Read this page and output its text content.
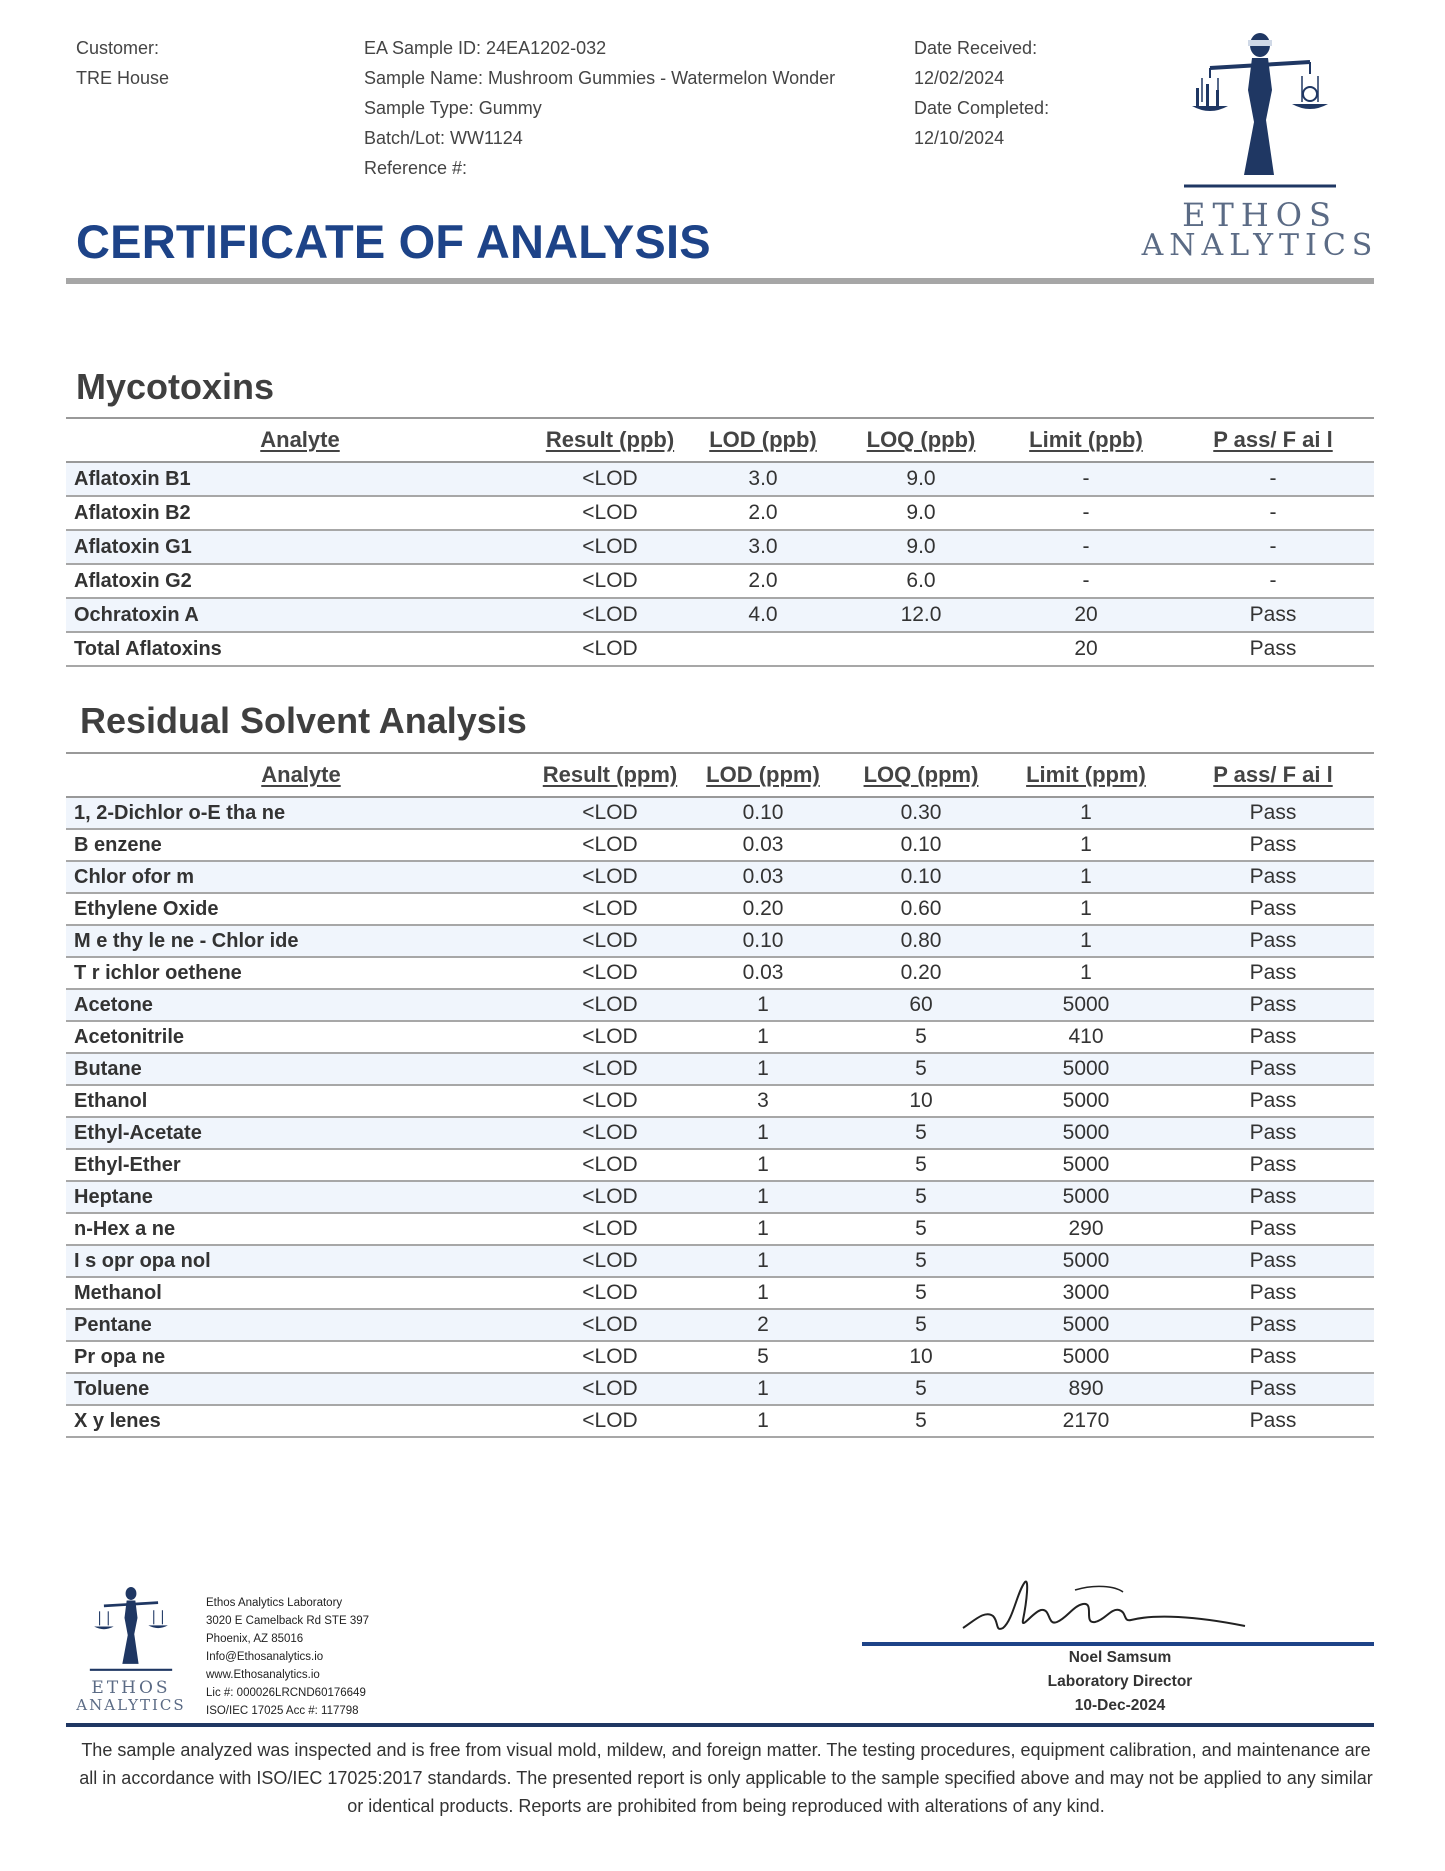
Customer:
TRE House
EA Sample ID: 24EA1202-032
Sample Name: Mushroom Gummies - Watermelon Wonder
Sample Type: Gummy
Batch/Lot: WW1124
Reference #:
Date Received:
12/02/2024
Date Completed:
12/10/2024
ETHOS
ANALYTICS
CERTIFICATE OF ANALYSIS
Mycotoxins
Analyte	Result (ppb)	LOD (ppb)	LOQ (ppb)	Limit (ppb)	P ass/ F ai l
Aflatoxin B1	<LOD	3.0	9.0	-	-
Aflatoxin B2	<LOD	2.0	9.0	-	-
Aflatoxin G1	<LOD	3.0	9.0	-	-
Aflatoxin G2	<LOD	2.0	6.0	-	-
Ochratoxin A	<LOD	4.0	12.0	20	Pass
Total Aflatoxins	<LOD			20	Pass
Residual Solvent Analysis
Analyte	Result (ppm)	LOD (ppm)	LOQ (ppm)	Limit (ppm)	P ass/ F ai l
1, 2-Dichlor o-E tha ne	<LOD	0.10	0.30	1	Pass
B enzene	<LOD	0.03	0.10	1	Pass
Chlor ofor m	<LOD	0.03	0.10	1	Pass
Ethylene Oxide	<LOD	0.20	0.60	1	Pass
M e thy le ne - Chlor ide	<LOD	0.10	0.80	1	Pass
T r ichlor oethene	<LOD	0.03	0.20	1	Pass
Acetone	<LOD	1	60	5000	Pass
Acetonitrile	<LOD	1	5	410	Pass
Butane	<LOD	1	5	5000	Pass
Ethanol	<LOD	3	10	5000	Pass
Ethyl-Acetate	<LOD	1	5	5000	Pass
Ethyl-Ether	<LOD	1	5	5000	Pass
Heptane	<LOD	1	5	5000	Pass
n-Hex a ne	<LOD	1	5	290	Pass
I s opr opa nol	<LOD	1	5	5000	Pass
Methanol	<LOD	1	5	3000	Pass
Pentane	<LOD	2	5	5000	Pass
Pr opa ne	<LOD	5	10	5000	Pass
Toluene	<LOD	1	5	890	Pass
X y lenes	<LOD	1	5	2170	Pass
ETHOS
ANALYTICS
Ethos Analytics Laboratory
3020 E Camelback Rd STE 397
Phoenix, AZ 85016
Info@Ethosanalytics.io
www.Ethosanalytics.io
Lic #: 000026LRCND60176649
ISO/IEC 17025 Acc #: 117798
Noel Samsum
Laboratory Director
10-Dec-2024
The sample analyzed was inspected and is free from visual mold, mildew, and foreign matter. The testing procedures, equipment calibration, and maintenance are all in accordance with ISO/IEC 17025:2017 standards. The presented report is only applicable to the sample specified above and may not be applied to any similar or identical products. Reports are prohibited from being reproduced with alterations of any kind.
